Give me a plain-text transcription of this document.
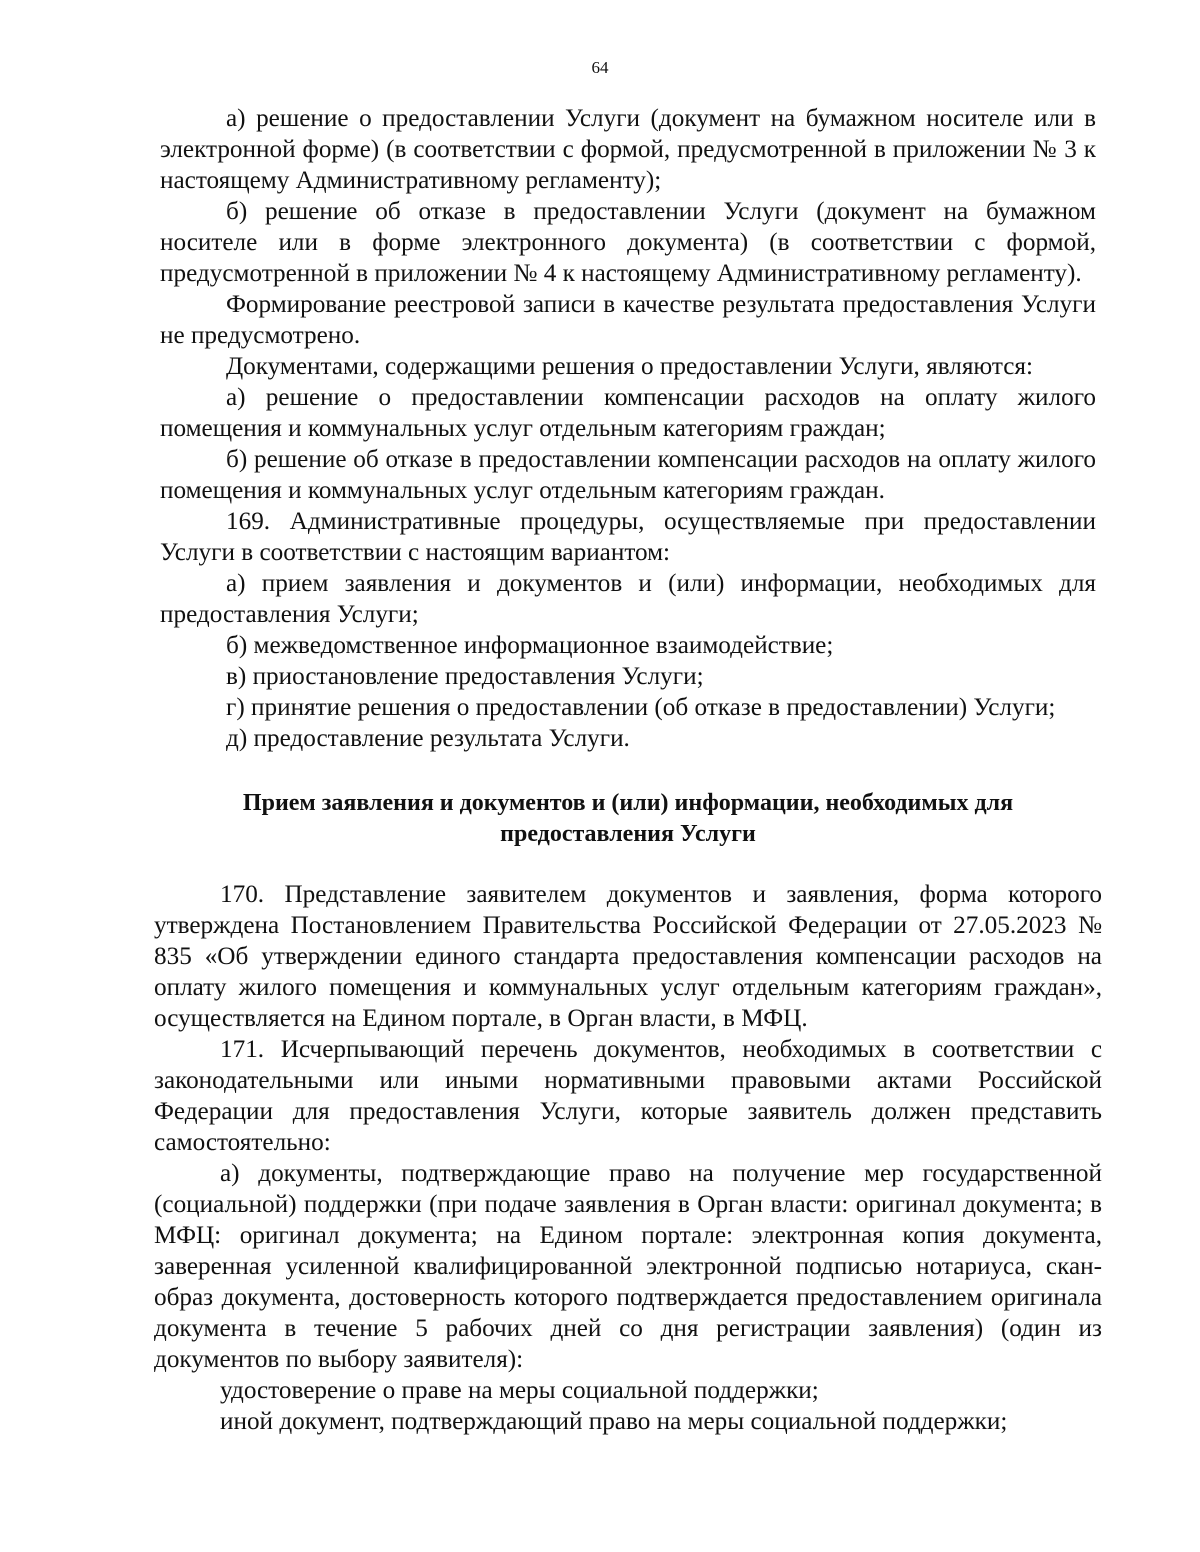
64

а) решение о предоставлении Услуги (документ на бумажном носителе или в электронной форме) (в соответствии с формой, предусмотренной в приложении № 3 к настоящему Административному регламенту);

б) решение об отказе в предоставлении Услуги (документ на бумажном носителе или в форме электронного документа) (в соответствии с формой, предусмотренной в приложении № 4 к настоящему Административному регламенту).

Формирование реестровой записи в качестве результата предоставления Услуги не предусмотрено.

Документами, содержащими решения о предоставлении Услуги, являются:

а) решение о предоставлении компенсации расходов на оплату жилого помещения и коммунальных услуг отдельным категориям граждан;

б) решение об отказе в предоставлении компенсации расходов на оплату жилого помещения и коммунальных услуг отдельным категориям граждан.

169. Административные процедуры, осуществляемые при предоставлении Услуги в соответствии с настоящим вариантом:

а) прием заявления и документов и (или) информации, необходимых для предоставления Услуги;

б) межведомственное информационное взаимодействие;

в) приостановление предоставления Услуги;

г) принятие решения о предоставлении (об отказе в предоставлении) Услуги;

д) предоставление результата Услуги.

Прием заявления и документов и (или) информации, необходимых для предоставления Услуги

170. Представление заявителем документов и заявления, форма которого утверждена Постановлением Правительства Российской Федерации от 27.05.2023 № 835 «Об утверждении единого стандарта предоставления компенсации расходов на оплату жилого помещения и коммунальных услуг отдельным категориям граждан», осуществляется на Едином портале, в Орган власти, в МФЦ.

171. Исчерпывающий перечень документов, необходимых в соответствии с законодательными или иными нормативными правовыми актами Российской Федерации для предоставления Услуги, которые заявитель должен представить самостоятельно:

а) документы, подтверждающие право на получение мер государственной (социальной) поддержки (при подаче заявления в Орган власти: оригинал документа; в МФЦ: оригинал документа; на Едином портале: электронная копия документа, заверенная усиленной квалифицированной электронной подписью нотариуса, скан-образ документа, достоверность которого подтверждается предоставлением оригинала документа в течение 5 рабочих дней со дня регистрации заявления) (один из документов по выбору заявителя):

удостоверение о праве на меры социальной поддержки;

иной документ, подтверждающий право на меры социальной поддержки;
